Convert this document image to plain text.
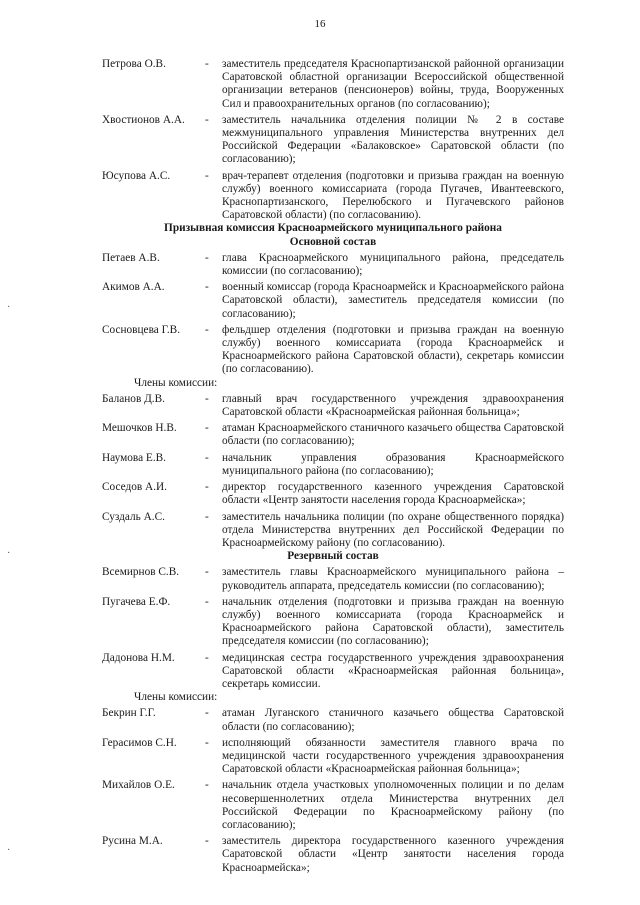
16
·
·
·
Петрова О.В.	-	заместитель председателя Краснопартизанской районной организации Саратовской областной организации Всероссийской общественной организации ветеранов (пенсионеров) войны, труда, Вооруженных Сил и правоохранительных органов (по согласованию);
Хвостионов А.А.	-	заместитель начальника отделения полиции № 2 в составе межмуниципального управления Министерства внутренних дел Российской Федерации «Балаковское» Саратовской области (по согласованию);
Юсупова А.С.	-	врач-терапевт отделения (подготовки и призыва граждан на военную службу) военного комиссариата (города Пугачев, Ивантеевского, Краснопартизанского, Перелюбского и Пугачевского районов Саратовской области) (по согласованию).
Призывная комиссия Красноармейского муниципального района
Основной состав
Петаев А.В.	-	глава Красноармейского муниципального района, председатель комиссии (по согласованию);
Акимов А.А.	-	военный комиссар (города Красноармейск и Красноармейского района Саратовской области), заместитель председателя комиссии (по согласованию);
Сосновцева Г.В.	-	фельдшер отделения (подготовки и призыва граждан на военную службу) военного комиссариата (города Красноармейск и Красноармейского района Саратовской области), секретарь комиссии (по согласованию).
Члены комиссии:
Баланов Д.В.	-	главный врач государственного учреждения здравоохранения Саратовской области «Красноармейская районная больница»;
Мешочков Н.В.	-	атаман Красноармейского станичного казачьего общества Саратовской области (по согласованию);
Наумова Е.В.	-	начальник управления образования Красноармейского муниципального района (по согласованию);
Соседов А.И.	-	директор государственного казенного учреждения Саратовской области «Центр занятости населения города Красноармейска»;
Суздаль А.С.	-	заместитель начальника полиции (по охране общественного порядка) отдела Министерства внутренних дел Российской Федерации по Красноармейскому району (по согласованию).
Резервный состав
Всемирнов С.В.	-	заместитель главы Красноармейского муниципального района – руководитель аппарата, председатель комиссии (по согласованию);
Пугачева Е.Ф.	-	начальник отделения (подготовки и призыва граждан на военную службу) военного комиссариата (города Красноармейск и Красноармейского района Саратовской области), заместитель председателя комиссии (по согласованию);
Дадонова Н.М.	-	медицинская сестра государственного учреждения здравоохранения Саратовской области «Красноармейская районная больница», секретарь комиссии.
Члены комиссии:
Бекрин Г.Г.	-	атаман Луганского станичного казачьего общества Саратовской области (по согласованию);
Герасимов С.Н.	-	исполняющий обязанности заместителя главного врача по медицинской части государственного учреждения здравоохранения Саратовской области «Красноармейская районная больница»;
Михайлов О.Е.	-	начальник отдела участковых уполномоченных полиции и по делам несовершеннолетних отдела Министерства внутренних дел Российской Федерации по Красноармейскому району (по согласованию);
Русина М.А.	-	заместитель директора государственного казенного учреждения Саратовской области «Центр занятости населения города Красноармейска»;
